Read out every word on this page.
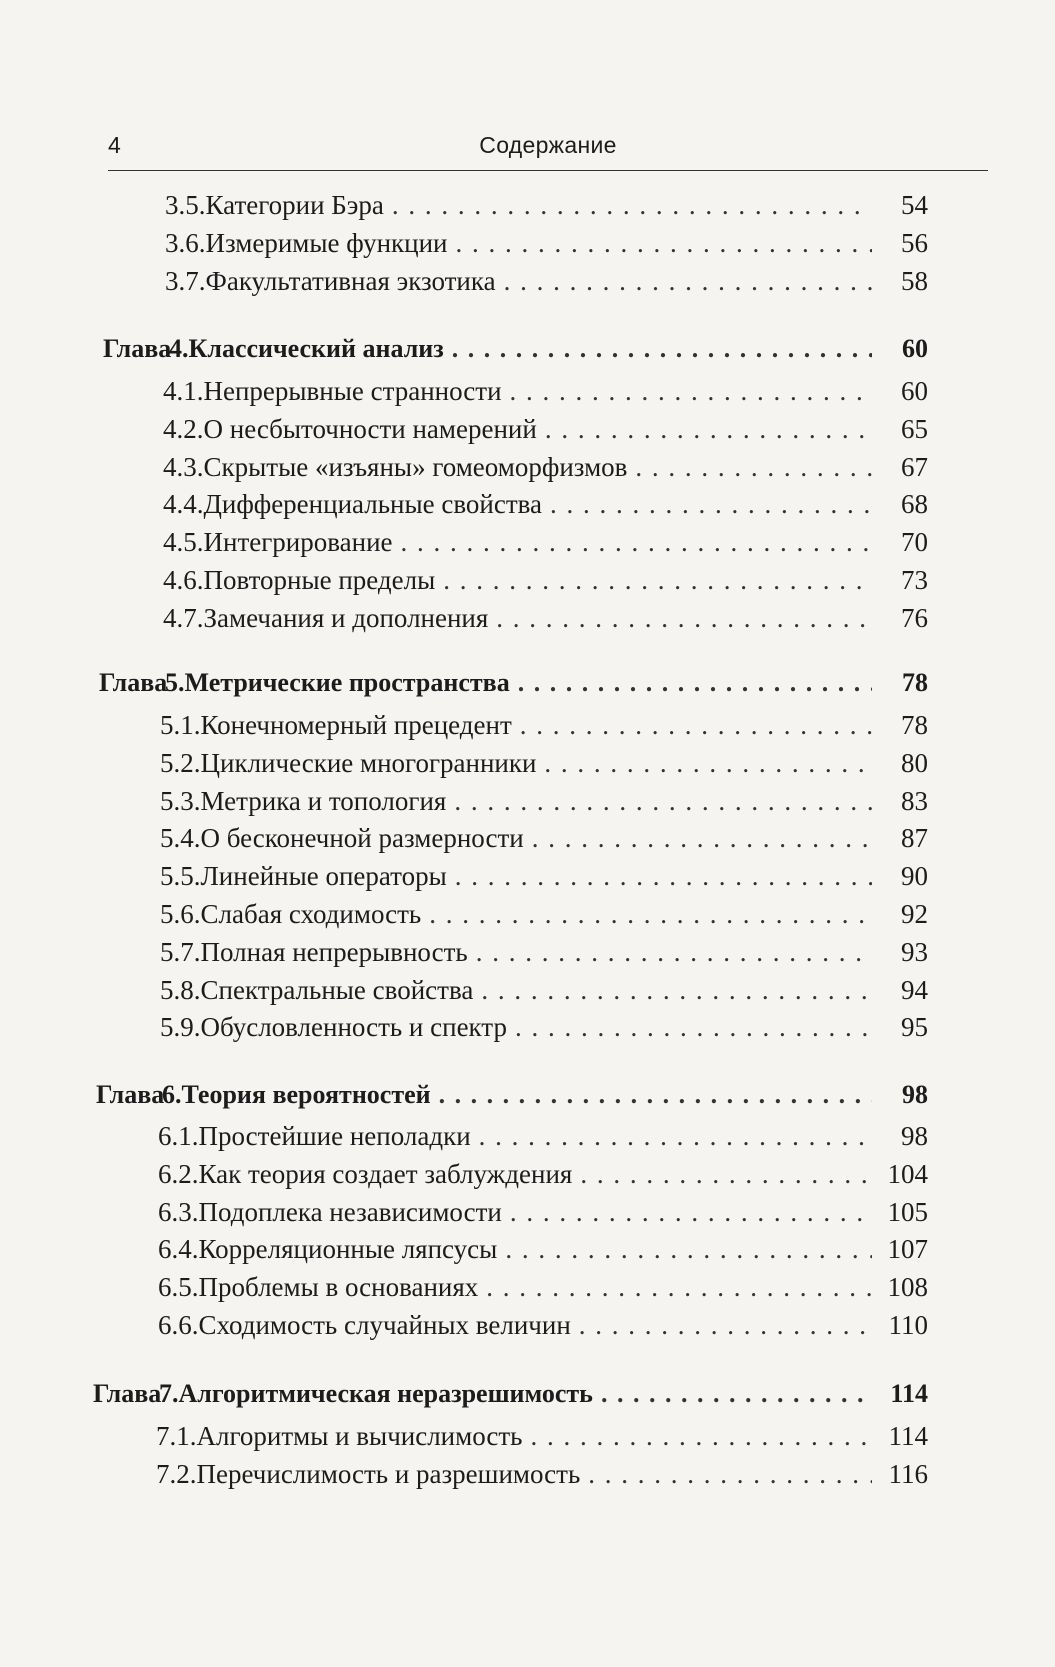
4	Содержание
3.5. Категории Бэра . . .	54
3.6. Измеримые функции . . .	56
3.7. Факультативная экзотика . . .	58
Глава
4. Классический анализ . . .	60
4.1. Непрерывные странности . . .	60
4.2. О несбыточности намерений . . .	65
4.3. Скрытые «изъяны» гомеоморфизмов . . .	67
4.4. Дифференциальные свойства . . .	68
4.5. Интегрирование . . .	70
4.6. Повторные пределы . . .	73
4.7. Замечания и дополнения . . .	76
Глава
5. Метрические пространства . . .	78
5.1. Конечномерный прецедент . . .	78
5.2. Циклические многогранники . . .	80
5.3. Метрика и топология . . .	83
5.4. О бесконечной размерности . . .	87
5.5. Линейные операторы . . .	90
5.6. Слабая сходимость . . .	92
5.7. Полная непрерывность . . .	93
5.8. Спектральные свойства . . .	94
5.9. Обусловленность и спектр . . .	95
Глава
6. Теория вероятностей . . .	98
6.1. Простейшие неполадки . . .	98
6.2. Как теория создает заблуждения . . .	104
6.3. Подоплека независимости . . .	105
6.4. Корреляционные ляпсусы . . .	107
6.5. Проблемы в основаниях . . .	108
6.6. Сходимость случайных величин . . .	110
Глава
7. Алгоритмическая неразрешимость . . .	114
7.1. Алгоритмы и вычислимость . . .	114
7.2. Перечислимость и разрешимость . . .	116
